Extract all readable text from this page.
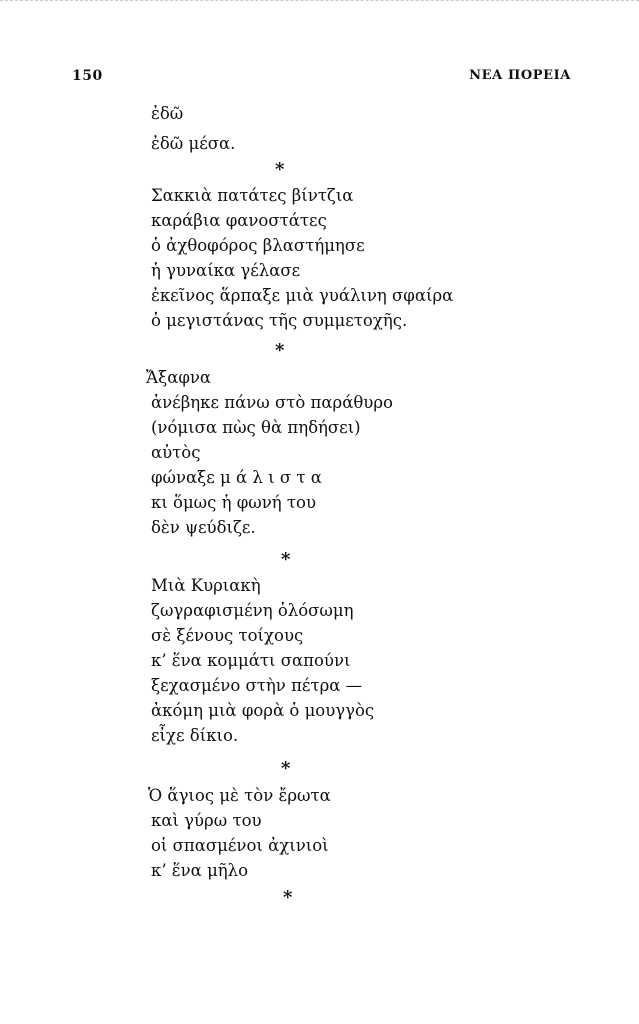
150	ΝΕΑ ΠΟΡΕΙΑ
ἐδῶ
ἐδῶ μέσα.
*
Σακκιὰ πατάτες βίντζια
καράβια φανοστάτες
ὁ ἀχθοφόρος βλαστήμησε
ἡ γυναίκα γέλασε
ἐκεῖνος ἅρπαξε μιὰ γυάλινη σφαίρα
ὁ μεγιστάνας τῆς συμμετοχῆς.
*
Ἄξαφνα
ἀνέβηκε πάνω στὸ παράθυρο
(νόμισα πὼς θὰ πηδήσει)
αὐτὸς
φώναξε μ ά λ ι σ τ α
κι ὅμως ἡ φωνή του
δὲν ψεύδιζε.
*
Μιὰ Κυριακὴ
ζωγραφισμένη ὁλόσωμη
σὲ ξένους τοίχους
κ’ ἕνα κομμάτι σαπούνι
ξεχασμένο στὴν πέτρα —
ἀκόμη μιὰ φορὰ ὁ μουγγὸς
εἶχε δίκιο.
*
Ὁ ἅγιος μὲ τὸν ἔρωτα
καὶ γύρω του
οἱ σπασμένοι ἀχινιοὶ
κ’ ἕνα μῆλο
*
